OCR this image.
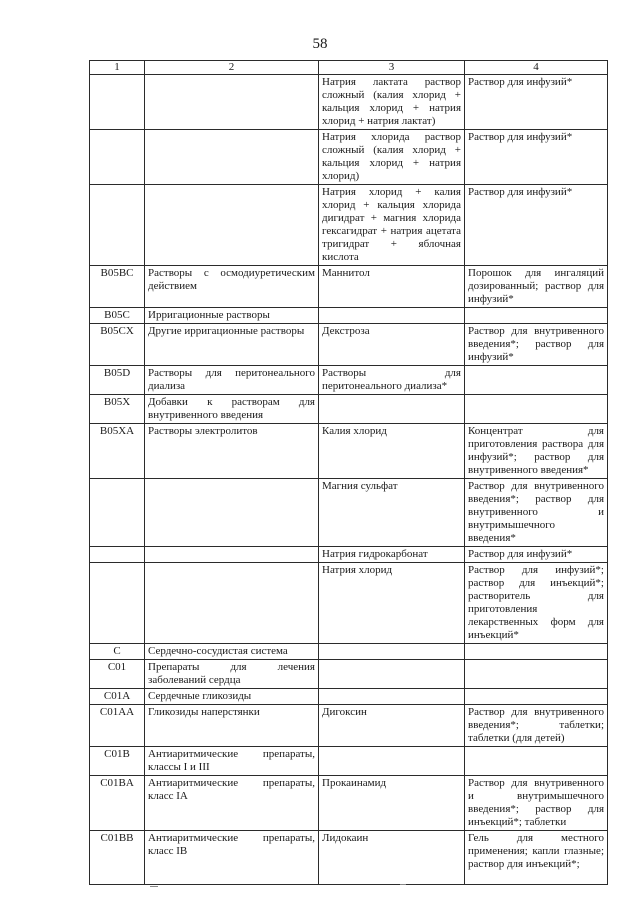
58
1	2	3	4
		Натрия лактата раствор сложный (калия хлорид + кальция хлорид + натрия хлорид + натрия лактат)	Раствор для инфузий*
		Натрия хлорида раствор сложный (калия хлорид + кальция хлорид + натрия хлорид)	Раствор для инфузий*
		Натрия хлорид + калия хлорид + кальция хлорида дигидрат + магния хлорида гексагидрат + натрия ацетата тригидрат + яблочная кислота	Раствор для инфузий*
B05BC	Растворы с осмодиуретическим действием	Маннитол	Порошок для ингаляций дозированный; раствор для инфузий*
B05C	Ирригационные растворы		
B05CX	Другие ирригационные растворы	Декстроза	Раствор для внутривенного введения*; раствор для инфузий*
B05D	Растворы для перитонеального диализа	Растворы для перитонеального диализа*	
B05X	Добавки к растворам для внутривенного введения		
B05XA	Растворы электролитов	Калия хлорид	Концентрат для приготовления раствора для инфузий*; раствор для внутривенного введения*
		Магния сульфат	Раствор для внутривенного введения*; раствор для внутривенного и внутримышечного введения*
		Натрия гидрокарбонат	Раствор для инфузий*
		Натрия хлорид	Раствор для инфузий*; раствор для инъекций*; растворитель для приготовления лекарственных форм для инъекций*
C	Сердечно-сосудистая система		
C01	Препараты для лечения заболеваний сердца		
C01A	Сердечные гликозиды		
C01AA	Гликозиды наперстянки	Дигоксин	Раствор для внутривенного введения*; таблетки; таблетки (для детей)
C01B	Антиаритмические препараты, классы I и III		
C01BA	Антиаритмические препараты, класс IA	Прокаинамид	Раствор для внутривенного и внутримышечного введения*; раствор для инъекций*; таблетки
C01BB	Антиаритмические препараты, класс IB	Лидокаин	Гель для местного применения; капли глазные; раствор для инъекций*;
